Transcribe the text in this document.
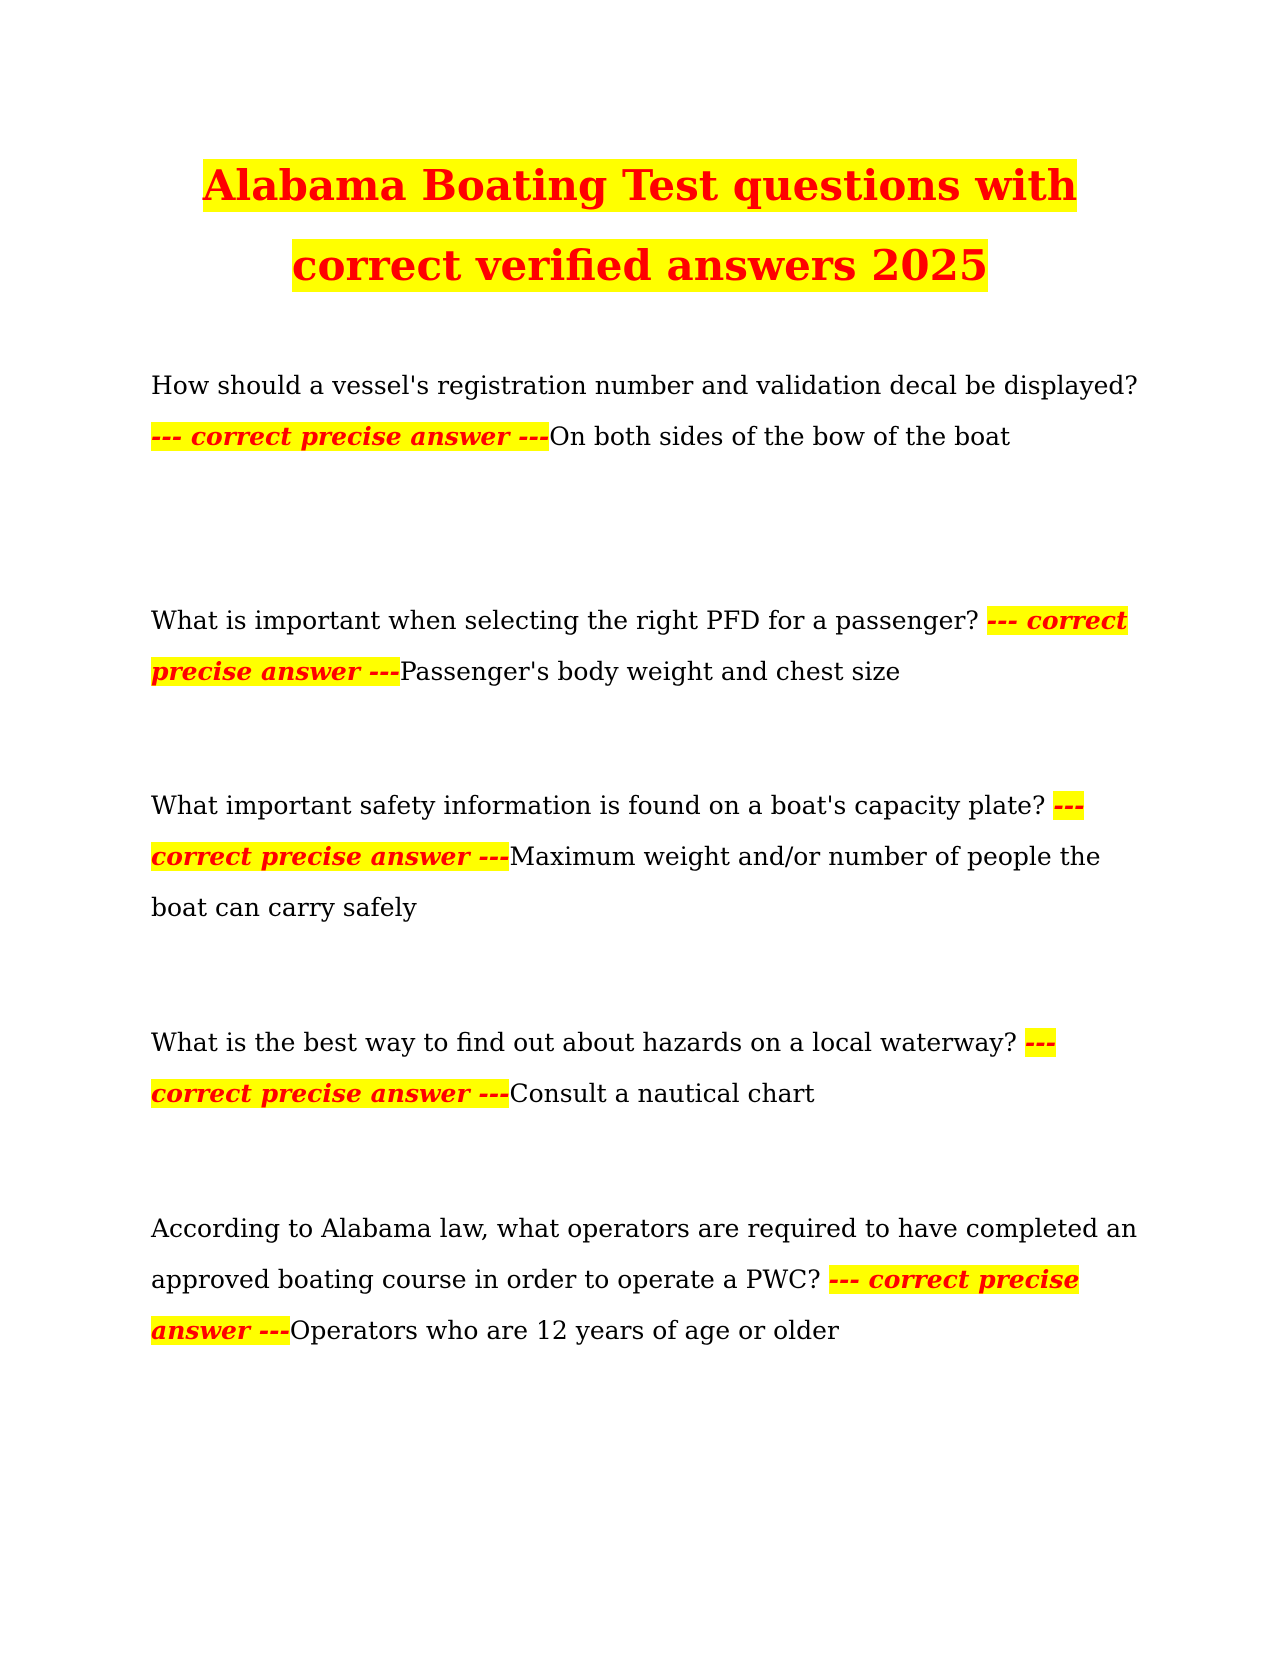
Alabama Boating Test questions with
correct verified answers 2025

How should a vessel's registration number and validation decal be displayed? --- correct precise answer ---On both sides of the bow of the boat

What is important when selecting the right PFD for a passenger? --- correct precise answer ---Passenger's body weight and chest size

What important safety information is found on a boat's capacity plate? --- correct precise answer ---Maximum weight and/or number of people the boat can carry safely

What is the best way to find out about hazards on a local waterway? --- correct precise answer ---Consult a nautical chart

According to Alabama law, what operators are required to have completed an approved boating course in order to operate a PWC? --- correct precise answer ---Operators who are 12 years of age or older
